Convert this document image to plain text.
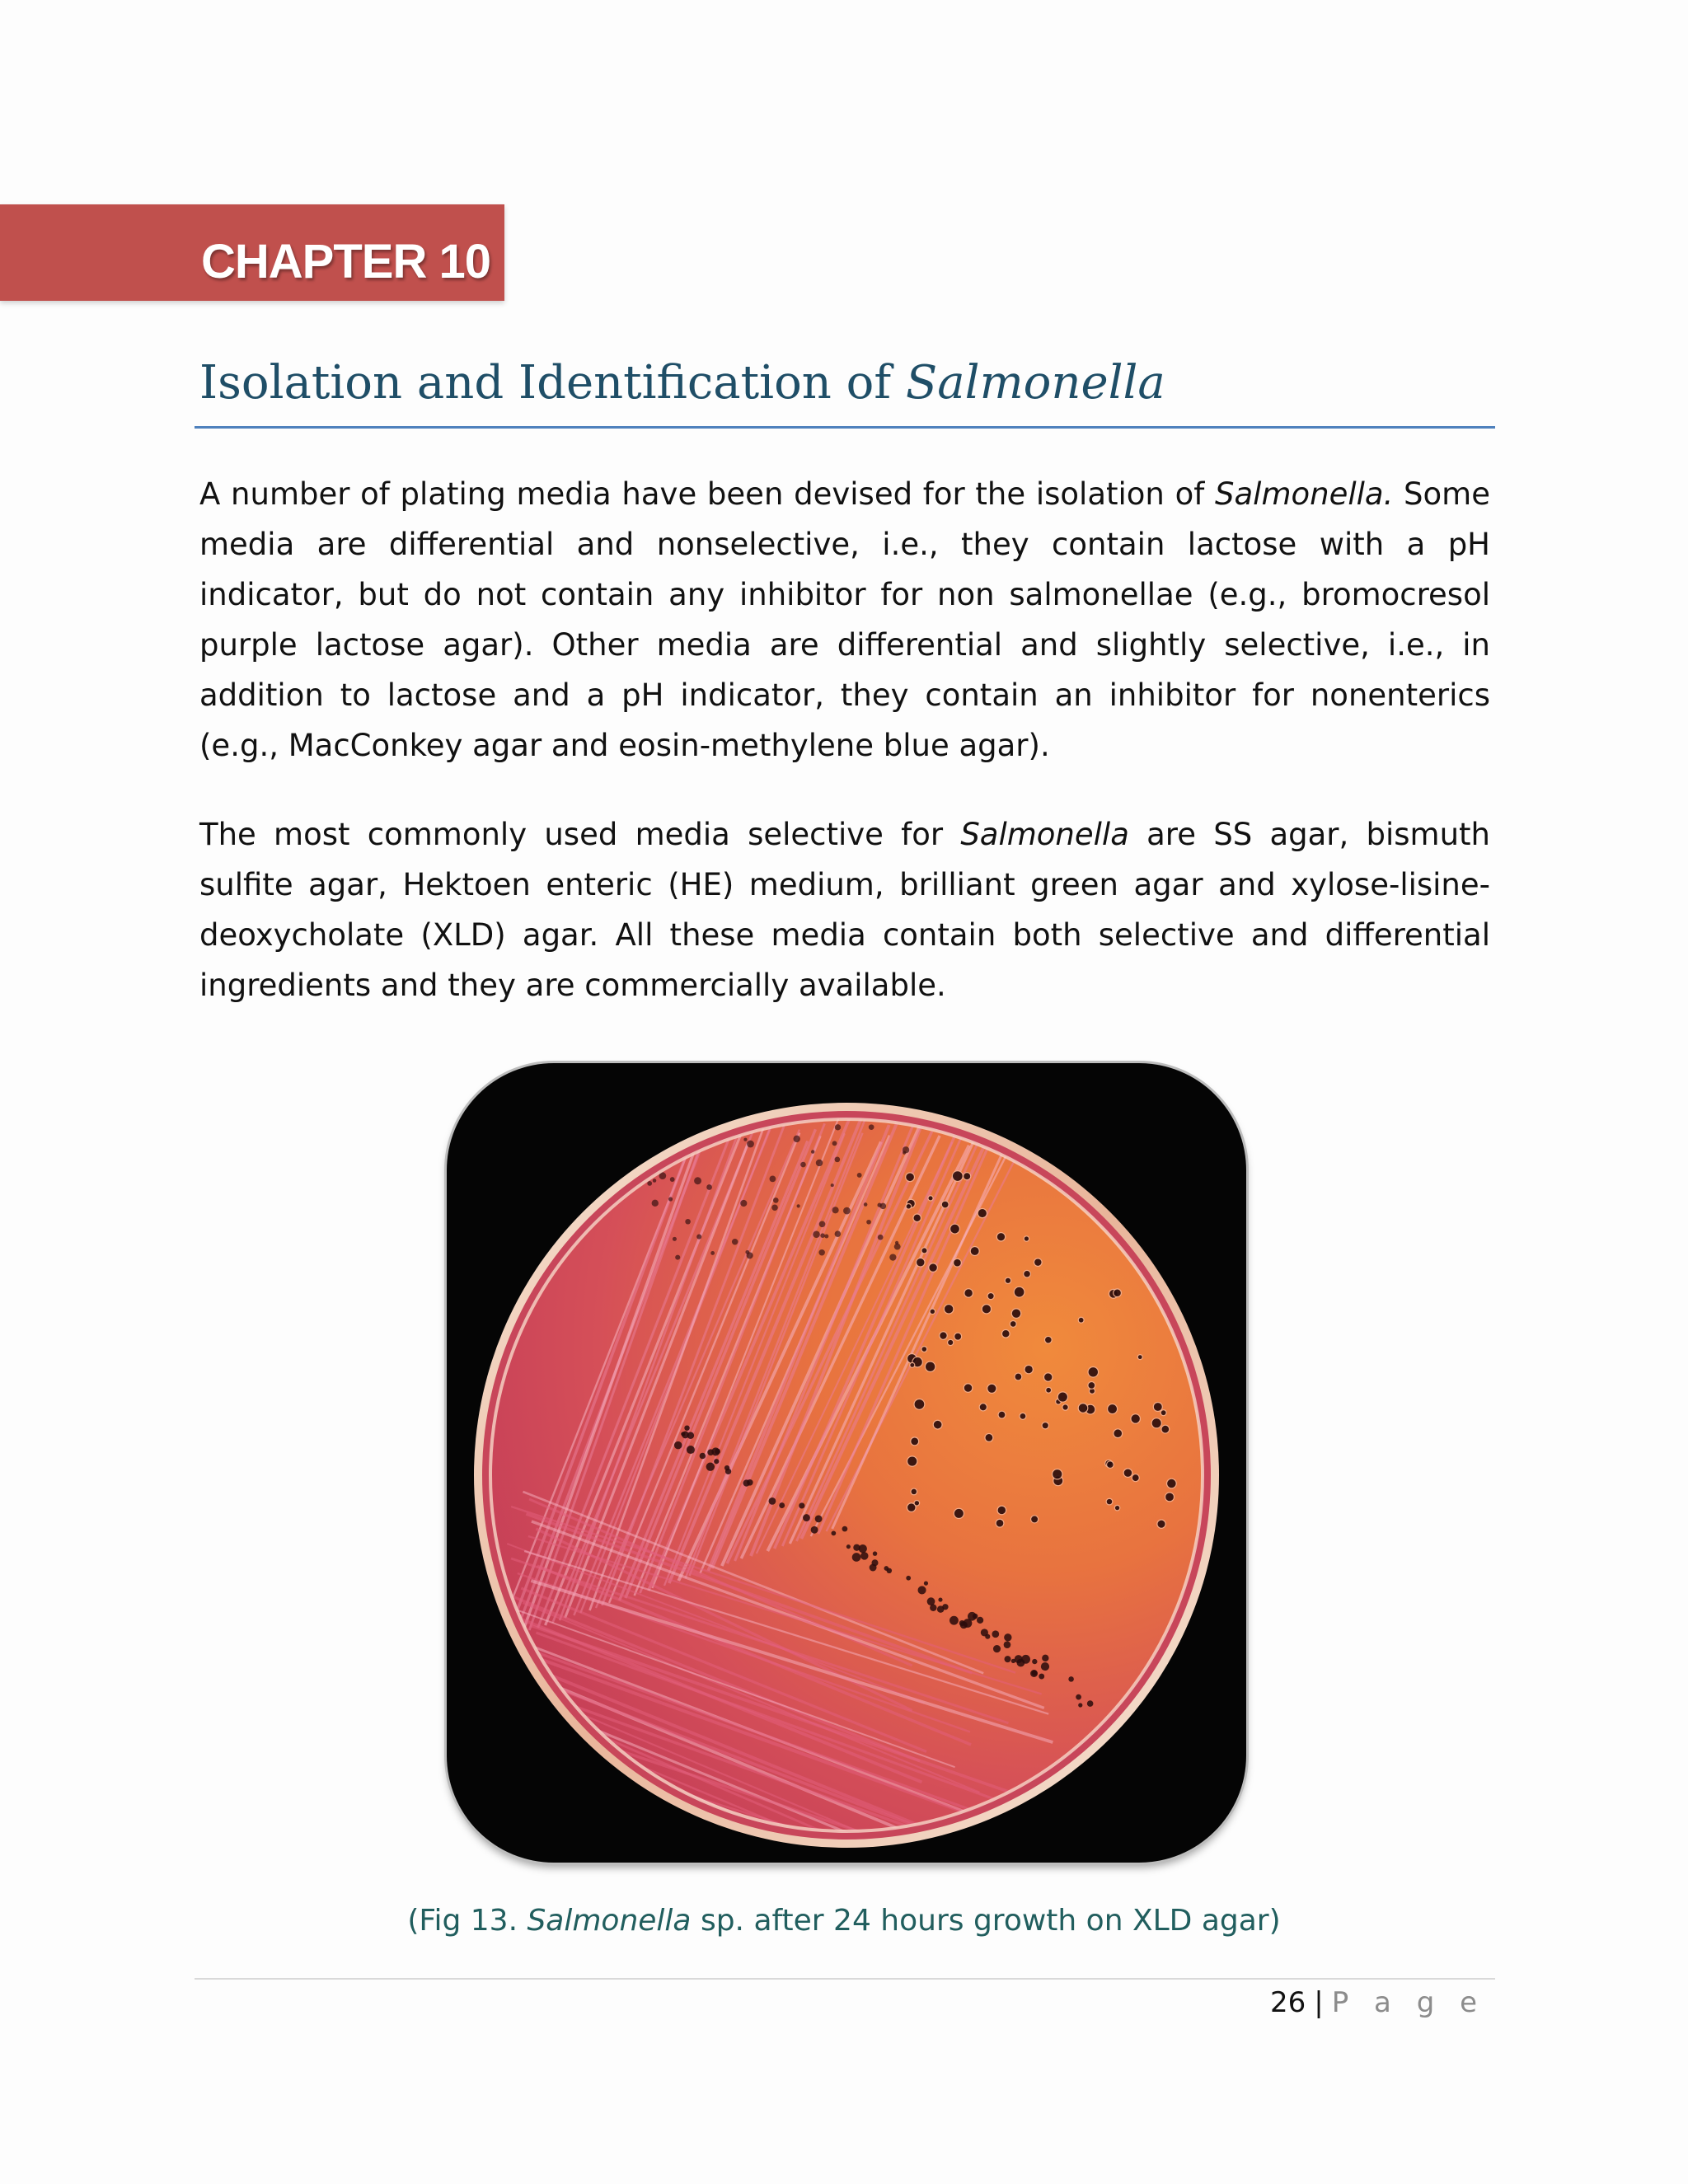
CHAPTER 10
Isolation and Identification of Salmonella
A number of plating media have been devised for the isolation of Salmonella. Some media are differential and nonselective, i.e., they contain lactose with a pH indicator, but do not contain any inhibitor for non salmonellae (e.g., bromocresol purple lactose agar). Other media are differential and slightly selective, i.e., in addition to lactose and a pH indicator, they contain an inhibitor for nonenterics (e.g., MacConkey agar and eosin-methylene blue agar).
The most commonly used media selective for Salmonella are SS agar, bismuth sulfite agar, Hektoen enteric (HE) medium, brilliant green agar and xylose-lisine-deoxycholate (XLD) agar. All these media contain both selective and differential ingredients and they are commercially available.
(Fig 13. Salmonella sp. after 24 hours growth on XLD agar)
26 | P a g e
